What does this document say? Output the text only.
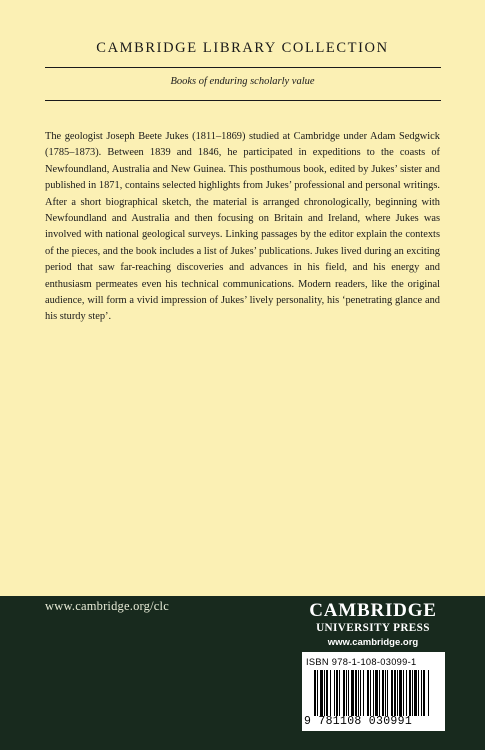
CAMBRIDGE LIBRARY COLLECTION
Books of enduring scholarly value

The geologist Joseph Beete Jukes (1811–1869) studied at Cambridge under Adam Sedgwick (1785–1873). Between 1839 and 1846, he participated in expeditions to the coasts of Newfoundland, Australia and New Guinea. This posthumous book, edited by Jukes’ sister and published in 1871, contains selected highlights from Jukes’ professional and personal writings. After a short biographical sketch, the material is arranged chronologically, beginning with Newfoundland and Australia and then focusing on Britain and Ireland, where Jukes was involved with national geological surveys. Linking passages by the editor explain the contexts of the pieces, and the book includes a list of Jukes’ publications. Jukes lived during an exciting period that saw far-reaching discoveries and advances in his field, and his energy and enthusiasm permeates even his technical communications. Modern readers, like the original audience, will form a vivid impression of Jukes’ lively personality, his ‘penetrating glance and his sturdy step’.

www.cambridge.org/clc	CAMBRIDGE
UNIVERSITY PRESS
www.cambridge.org
ISBN 978-1-108-03099-1
9 781108 030991
